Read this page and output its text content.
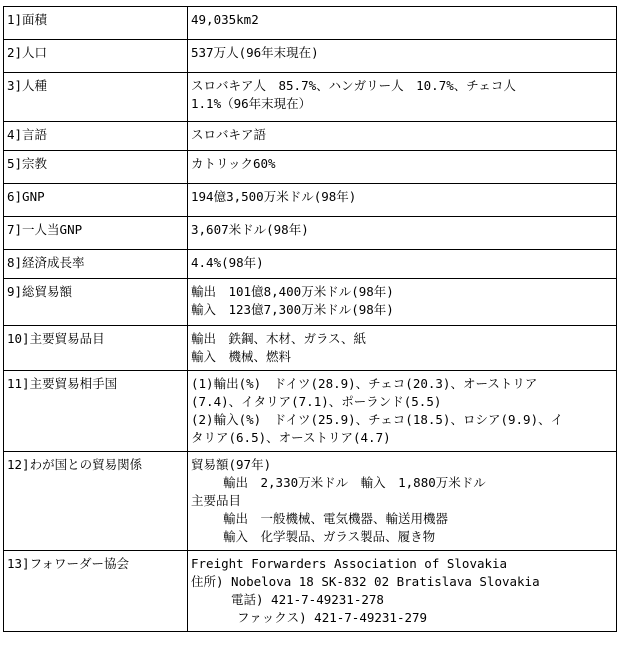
1]面積	49,035km2

2]人口	537万人(96年末現在)

3]人種	スロバキア人　85.7%、ハンガリー人　10.7%、チェコ人
1.1%（96年末現在）

4]言語	スロバキア語

5]宗教	カトリック60%

6]GNP	194億3,500万米ドル(98年)

7]一人当GNP	3,607米ドル(98年)

8]経済成長率	4.4%(98年)

9]総貿易額	輸出　101億8,400万米ドル(98年)
輸入　123億7,300万米ドル(98年)

10]主要貿易品目	輸出　鉄鋼、木材、ガラス、紙
輸入　機械、燃料

11]主要貿易相手国	(1)輸出(%)　ドイツ(28.9)、チェコ(20.3)、オーストリア
(7.4)、イタリア(7.1)、ポーランド(5.5)
(2)輸入(%)　ドイツ(25.9)、チェコ(18.5)、ロシア(9.9)、イ
タリア(6.5)、オーストリア(4.7)

12]わが国との貿易関係	貿易額(97年)
輸出　2,330万米ドル　輸入　1,880万米ドル
主要品目
輸出　一般機械、電気機器、輸送用機器
輸入　化学製品、ガラス製品、履き物

13]フォワーダー協会	Freight Forwarders Association of Slovakia
住所) Nobelova 18 SK-832 02 Bratislava Slovakia
電話) 421-7-49231-278
ファックス) 421-7-49231-279
